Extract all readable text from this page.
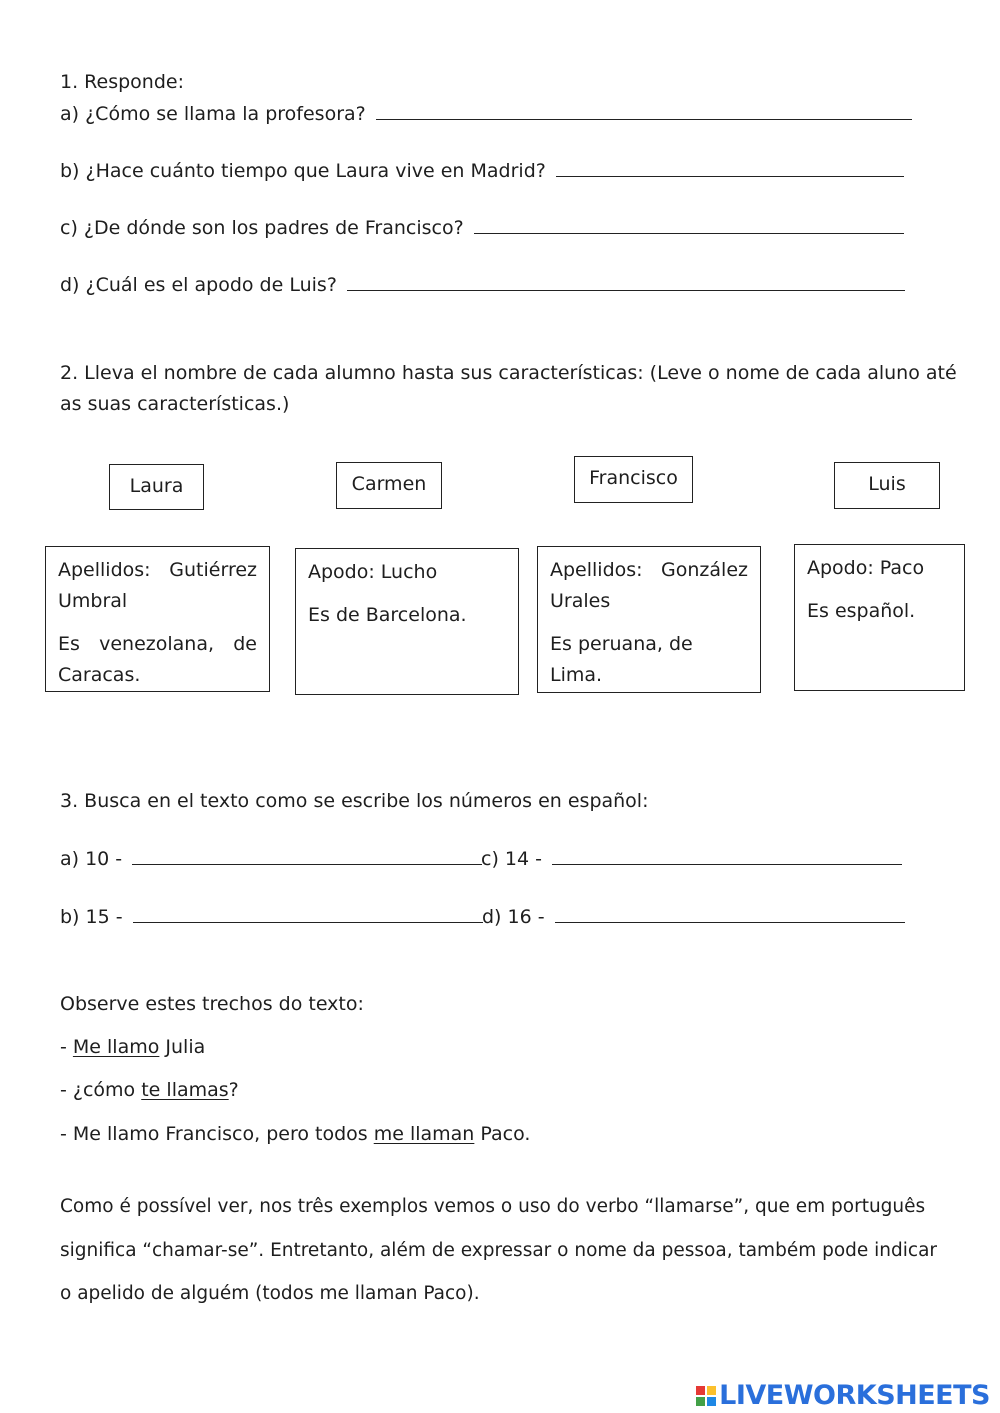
1. Responde:
a) ¿Cómo se llama la profesora?
b) ¿Hace cuánto tiempo que Laura vive en Madrid?
c) ¿De dónde son los padres de Francisco?
d) ¿Cuál es el apodo de Luis?
2. Lleva el nombre de cada alumno hasta sus características: (Leve o nome de cada aluno até
as suas características.)
Laura	Carmen	Francisco	Luis

Apellidos: Gutiérrez
Umbral

Es venezolana, de
Caracas.

Apodo: Lucho

Es de Barcelona.

Apellidos: González
Urales

Es peruana, de Lima.

Apodo: Paco

Es español.

3. Busca en el texto como se escribe los números en español:
a) 10 -	c) 14 -
b) 15 -	d) 16 -
Observe estes trechos do texto:
- Me llamo Julia
- ¿cómo te llamas?
- Me llamo Francisco, pero todos me llaman Paco.
Como é possível ver, nos três exemplos vemos o uso do verbo “llamarse”, que em português
significa “chamar-se”. Entretanto, além de expressar o nome da pessoa, também pode indicar
o apelido de alguém (todos me llaman Paco).
LIVEWORKSHEETS
